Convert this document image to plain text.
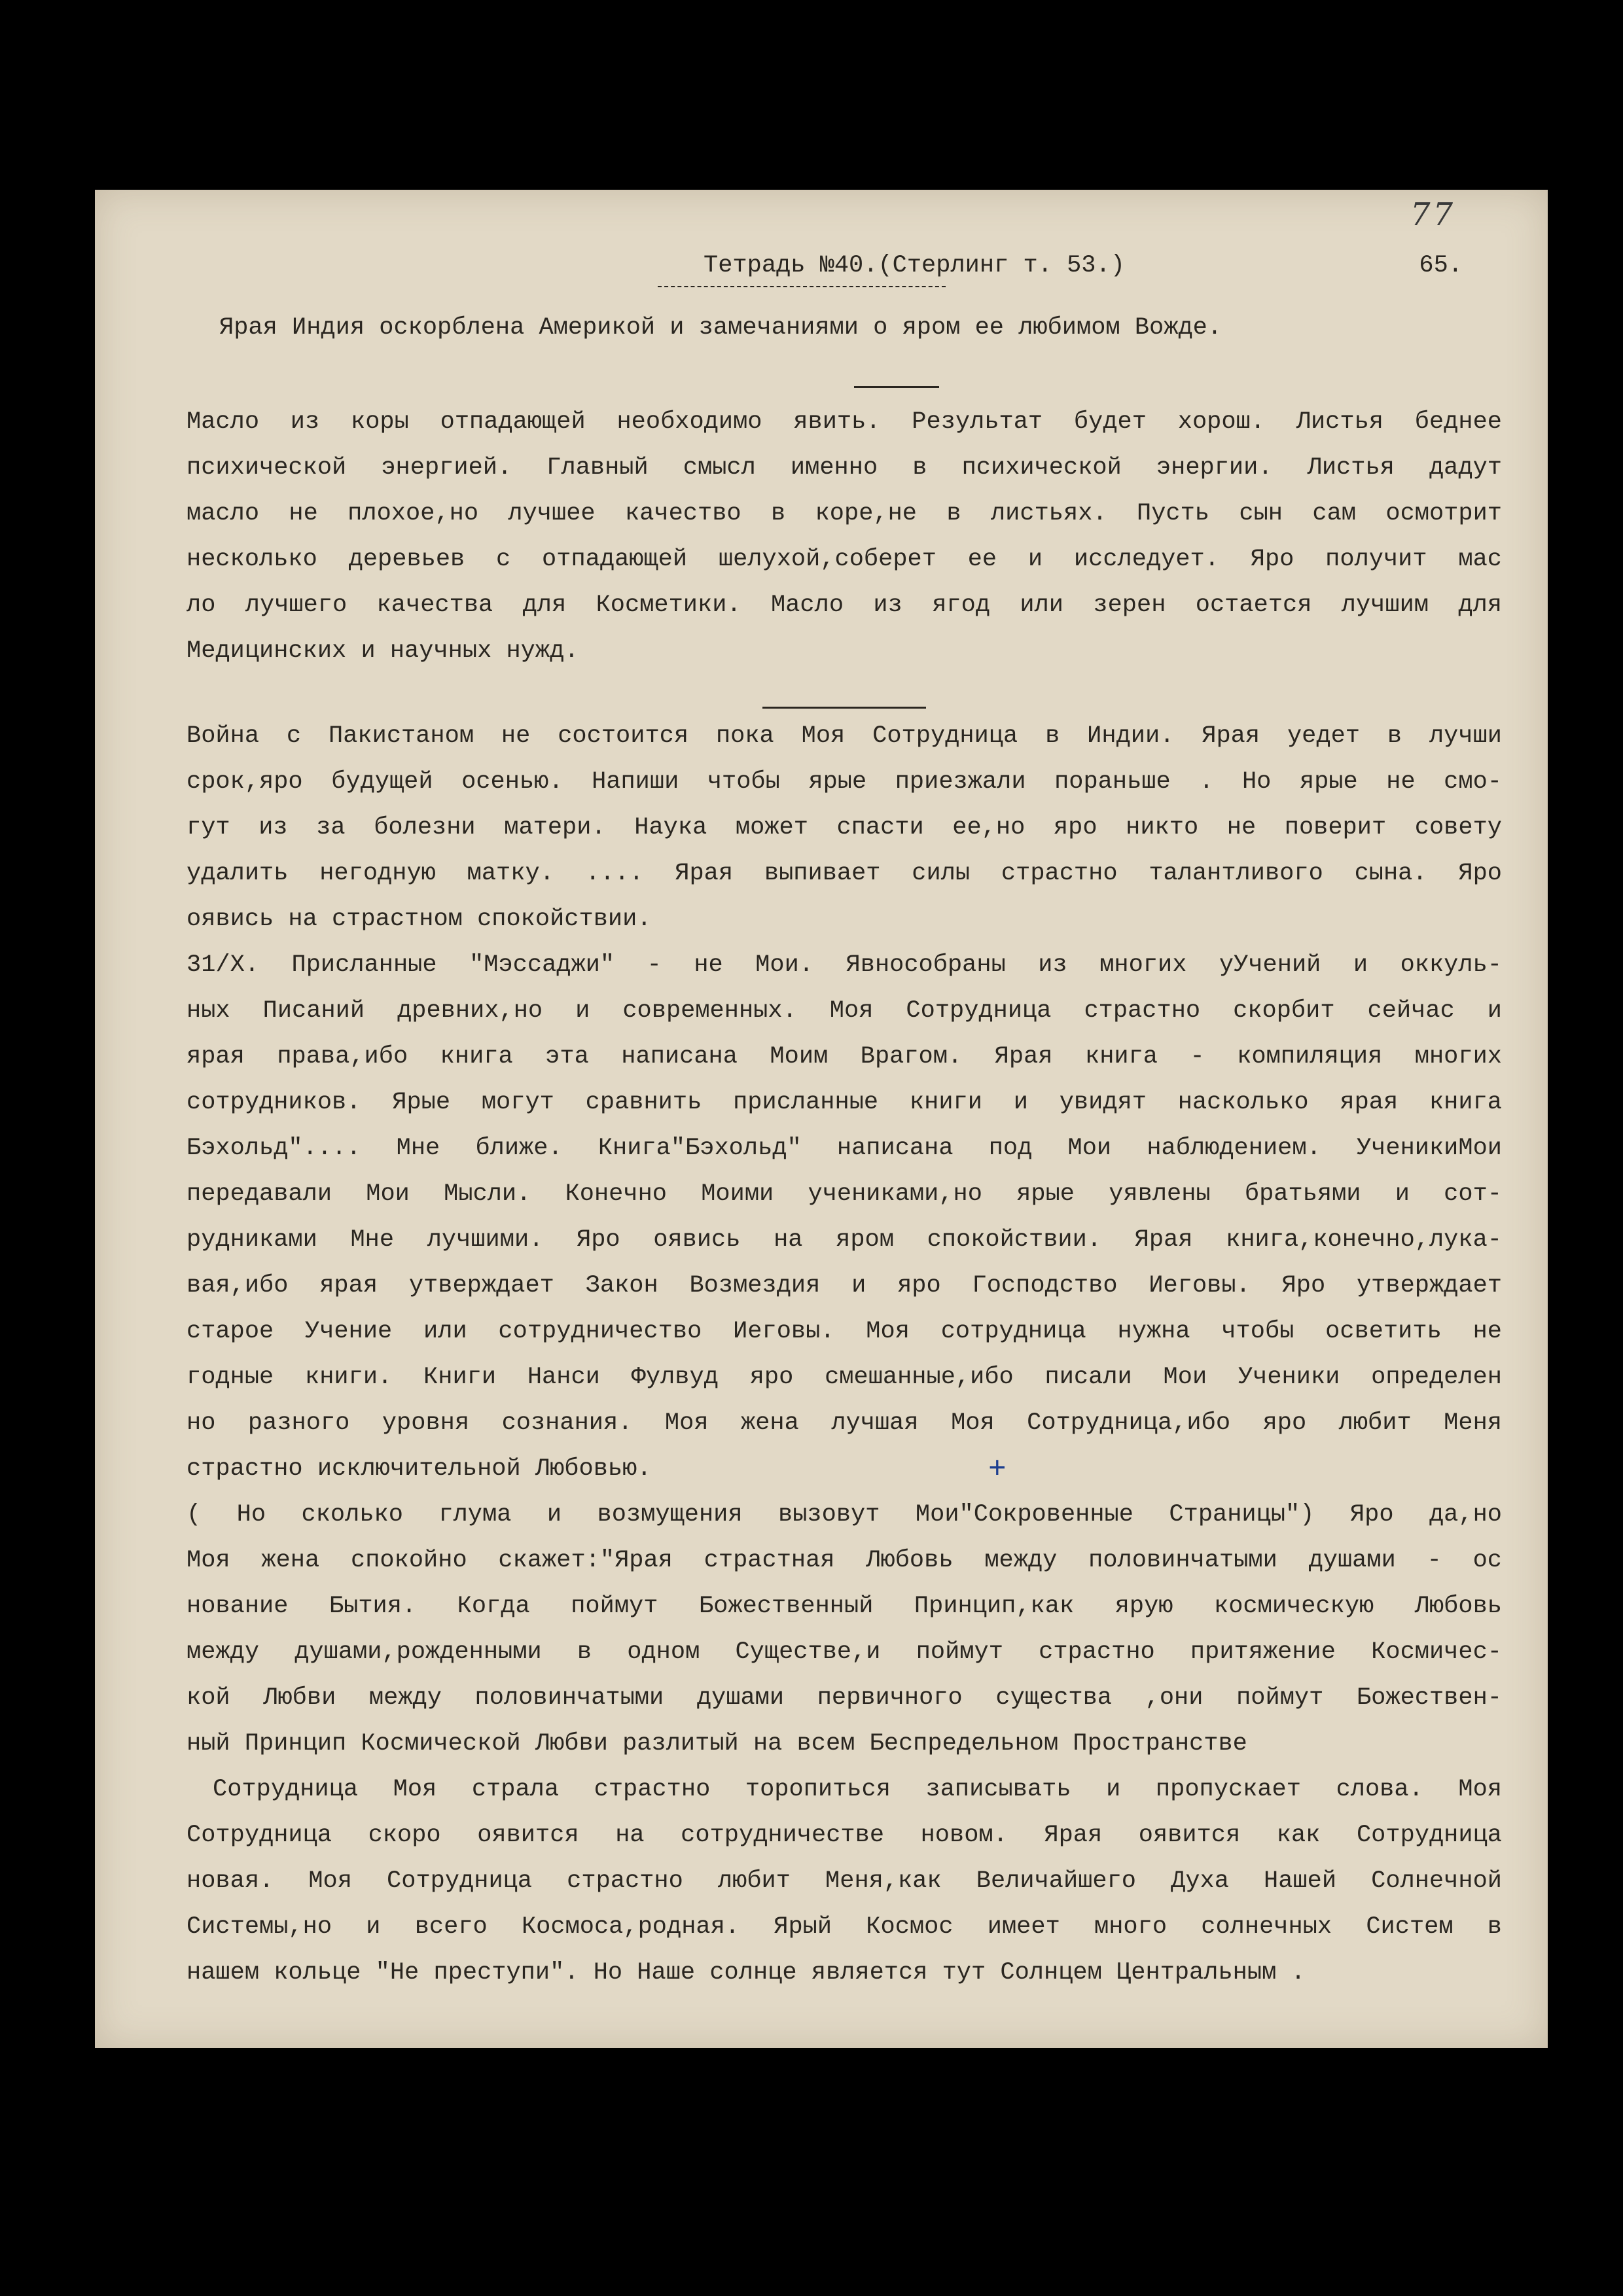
77
Тетрадь №40.(Стерлинг т. 53.)	65.
Ярая Индия оскорблена Америкой и замечаниями о яром ее любимом Вожде.

Масло из коры отпадающей необходимо явить. Результат будет хорош. Листья беднее
психической энергией. Главный смысл именно в психической энергии. Листья дадут
масло не плохое,но лучшее качество в коре,не в листьях. Пусть сын сам осмотрит
несколько деревьев с отпадающей шелухой,соберет ее и исследует. Яро получит мас
ло лучшего качества для Косметики. Масло из ягод или зерен остается лучшим для
Медицинских и научных нужд.

Война с Пакистаном не состоится пока Моя Сотрудница в Индии. Ярая уедет в лучши
срок,яро будущей осенью. Напиши чтобы ярые приезжали пораньше . Но ярые не смо-
гут из за болезни матери. Наука может спасти ее,но яро никто не поверит совету
удалить негодную матку. .... Ярая выпивает силы страстно талантливого сына. Яро
оявись на страстном спокойствии.

31/X. Присланные "Мэссаджи" - не Мои. Явнособраны из многих уУчений и оккуль-
ных Писаний древних,но и современных. Моя Сотрудница страстно скорбит сейчас и
ярая права,ибо книга эта написана Моим Врагом. Ярая книга - компиляция многих
сотрудников. Ярые могут сравнить присланные книги и увидят насколько ярая книга
Бэхольд".... Мне ближе. Книга"Бэхольд" написана под Мои наблюдением. УченикиМои
передавали Мои Мысли. Конечно Моими учениками,но ярые уявлены братьями и сот-
рудниками Мне лучшими. Яро оявись на яром спокойствии. Ярая книга,конечно,лука-
вая,ибо ярая утверждает Закон Возмездия и яро Господство Иеговы. Яро утверждает
старое Учение или сотрудничество Иеговы. Моя сотрудница нужна чтобы осветить не
годные книги. Книги Нанси Фулвуд яро смешанные,ибо писали Мои Ученики определен
но разного уровня сознания. Моя жена лучшая Моя Сотрудница,ибо яро любит Меня
страстно исключительной Любовью.	+

( Но сколько глума и возмущения вызовут Мои"Сокровенные Страницы") Яро да,но
Моя жена спокойно скажет:"Ярая страстная Любовь между половинчатыми душами - ос
нование Бытия. Когда поймут Божественный Принцип,как ярую космическую Любовь
между душами,рожденными в одном Существе,и поймут страстно притяжение Космичес-
кой Любви между половинчатыми душами первичного существа ,они поймут Божествен-
ный Принцип Космической Любви разлитый на всем Беспредельном Пространстве

Сотрудница Моя страла страстно торопиться записывать и пропускает слова. Моя
Сотрудница скоро оявится на сотрудничестве новом. Ярая оявится как Сотрудница
новая. Моя Сотрудница страстно любит Меня,как Величайшего Духа Нашей Солнечной
Системы,но и всего Космоса,родная. Ярый Космос имеет много солнечных Систем в
нашем кольце "Не преступи". Но Наше солнце является тут Солнцем Центральным .
